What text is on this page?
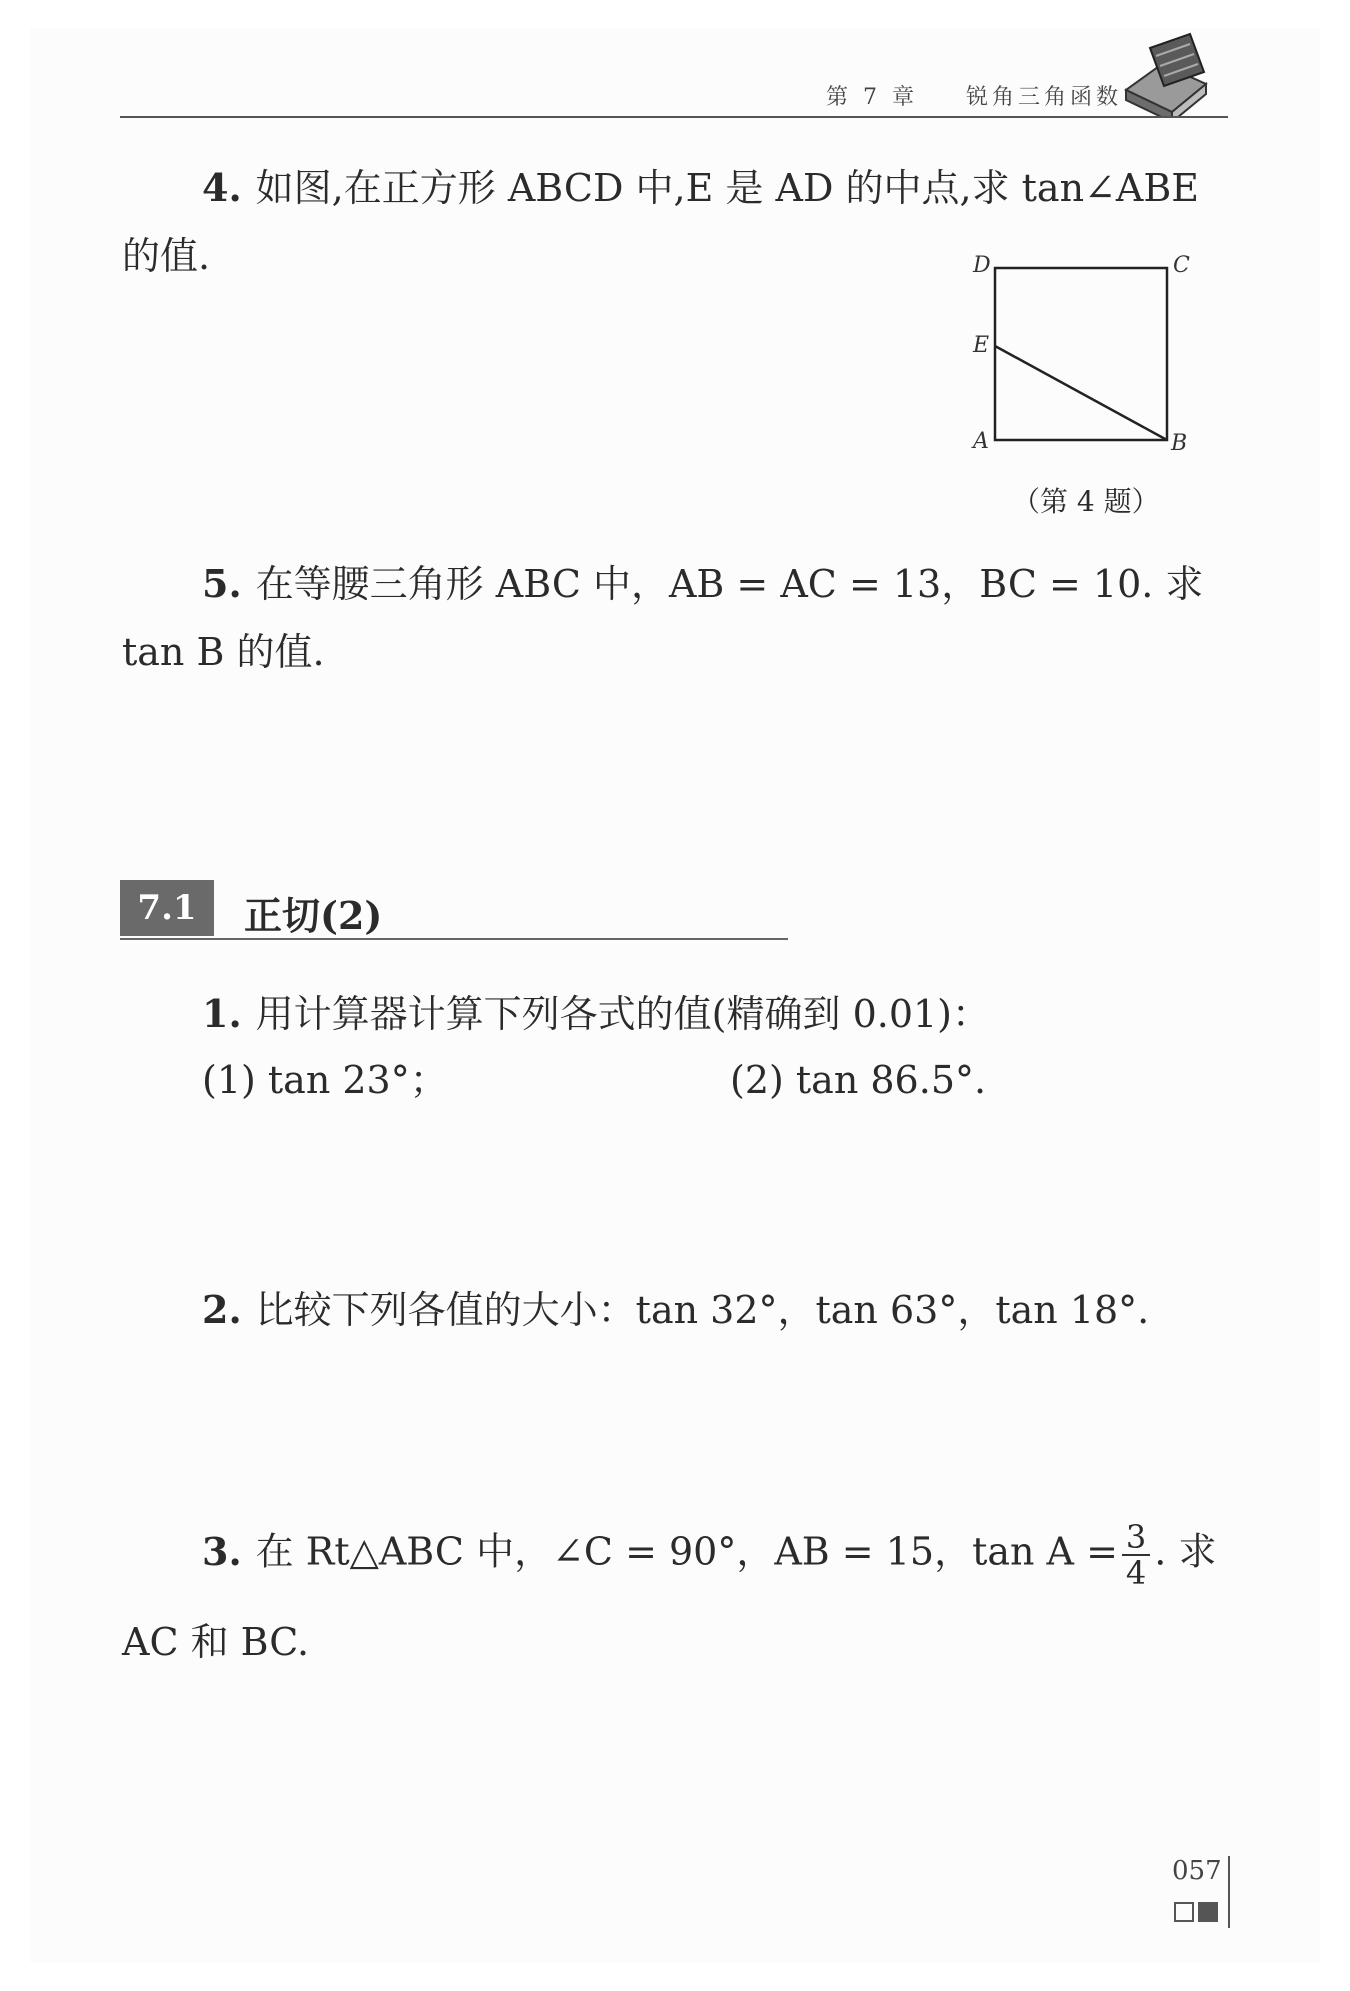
第 7 章 锐角三角函数
4. 如图,在正方形 ABCD 中,E 是 AD 的中点,求 tan∠ABE
的值.	D	C
E
A	B
（第 4 题）
5. 在等腰三角形 ABC 中，AB = AC = 13，BC = 10. 求
tan B 的值.
7.1	正切(2)
1. 用计算器计算下列各式的值(精确到 0.01)：
(1) tan 23°；	(2) tan 86.5°.
2. 比较下列各值的大小：tan 32°，tan 63°，tan 18°.
3. 在 Rt△ABC 中，∠C = 90°，AB = 15，$\tan A = \frac{3}{4}$ . 求
AC 和 BC.
057
